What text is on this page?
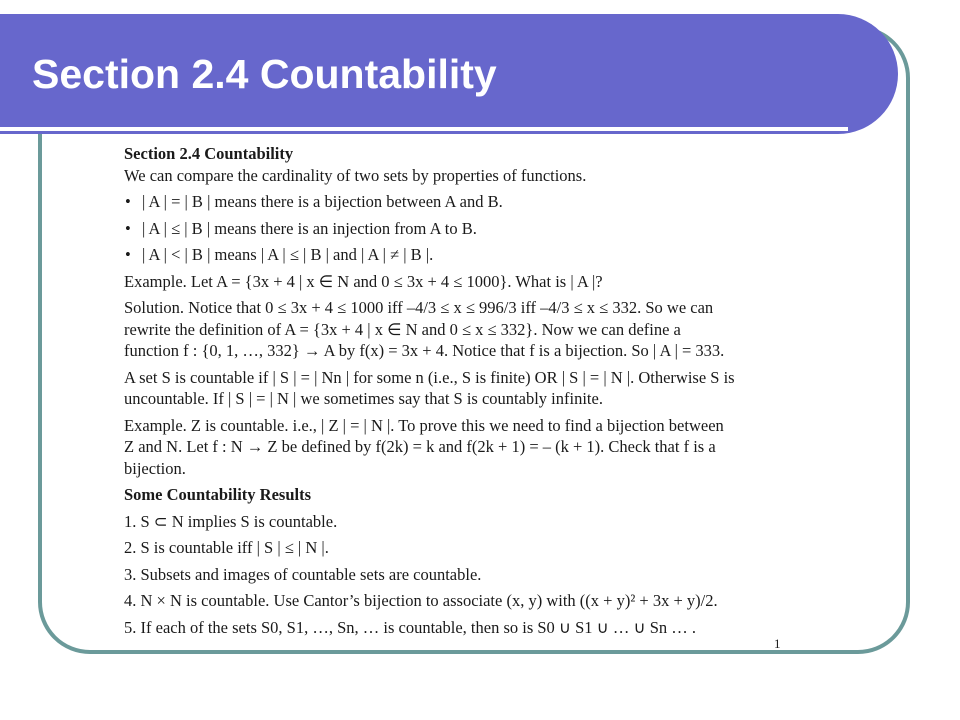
Section 2.4 Countability

Section 2.4 Countability

We can compare the cardinality of two sets by properties of functions.

• | A | = | B | means there is a bijection between A and B.

• | A | ≤ | B | means there is an injection from A to B.

• | A | < | B | means | A | ≤ | B | and | A | ≠ | B |.

Example. Let A = {3x + 4 | x ∈ N and 0 ≤ 3x + 4 ≤ 1000}. What is | A |?

Solution. Notice that 0 ≤ 3x + 4 ≤ 1000 iff –4/3 ≤ x ≤ 996/3 iff –4/3 ≤ x ≤ 332. So we can

rewrite the definition of A = {3x + 4 | x ∈ N and 0 ≤ x ≤ 332}. Now we can define a

function f : {0, 1, …, 332} → A by f(x) = 3x + 4. Notice that f is a bijection. So | A | = 333.

A set S is countable if | S | = | Nn | for some n (i.e., S is finite) OR | S | = | N |. Otherwise S is

uncountable. If | S | = | N | we sometimes say that S is countably infinite.

Example. Z is countable. i.e., | Z | = | N |. To prove this we need to find a bijection between

Z and N. Let f : N → Z be defined by f(2k) = k and f(2k + 1) = – (k + 1). Check that f is a

bijection.

Some Countability Results

1. S ⊂ N implies S is countable.

2. S is countable iff | S | ≤ | N |.

3. Subsets and images of countable sets are countable.

4. N × N is countable. Use Cantor’s bijection to associate (x, y) with ((x + y)² + 3x + y)/2.

5. If each of the sets S0, S1, …, Sn, … is countable, then so is S0 ∪ S1 ∪ … ∪ Sn … .

1
